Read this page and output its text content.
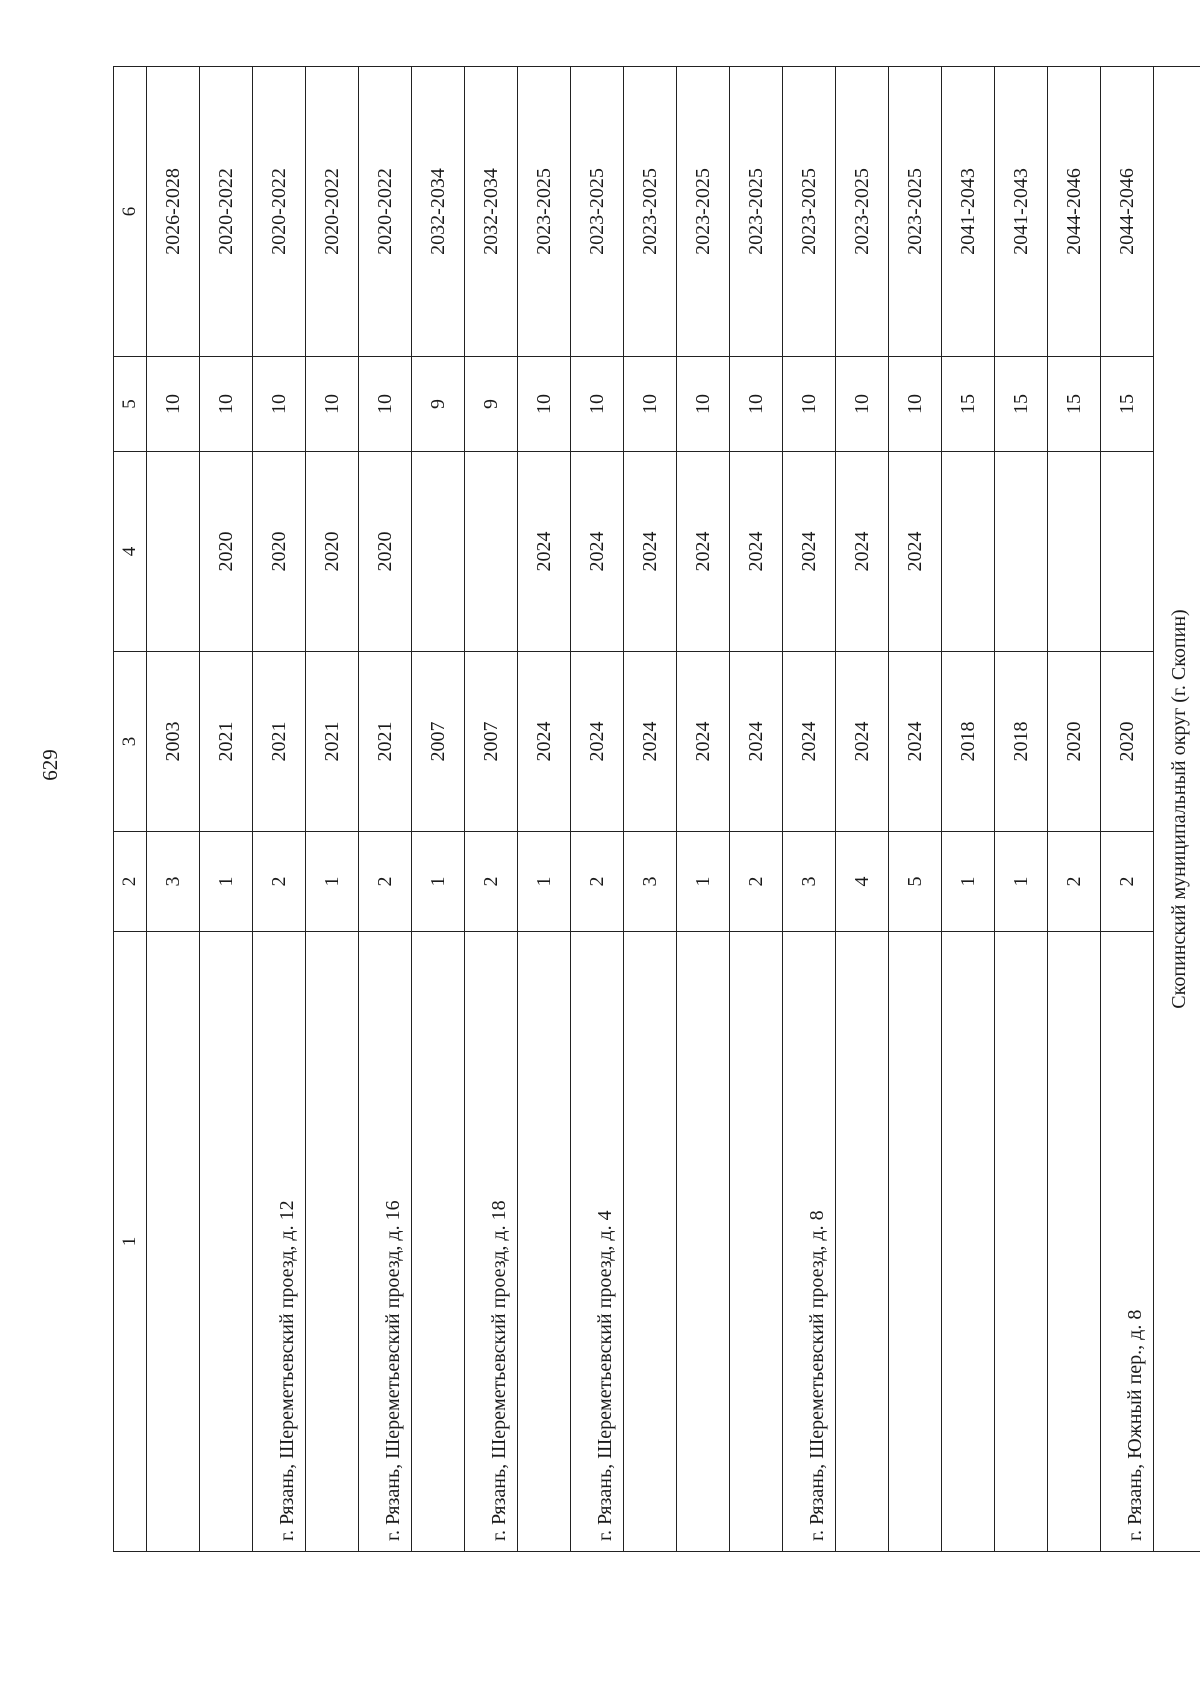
629
1	2	3	4	5	6
	3	2003		10	2026-2028
	1	2021	2020	10	2020-2022
г. Рязань, Шереметьевский проезд, д. 12	2	2021	2020	10	2020-2022
	1	2021	2020	10	2020-2022
г. Рязань, Шереметьевский проезд, д. 16	2	2021	2020	10	2020-2022
	1	2007		9	2032-2034
г. Рязань, Шереметьевский проезд, д. 18	2	2007		9	2032-2034
	1	2024	2024	10	2023-2025
г. Рязань, Шереметьевский проезд, д. 4	2	2024	2024	10	2023-2025
	3	2024	2024	10	2023-2025
	1	2024	2024	10	2023-2025
	2	2024	2024	10	2023-2025
г. Рязань, Шереметьевский проезд, д. 8	3	2024	2024	10	2023-2025
	4	2024	2024	10	2023-2025
	5	2024	2024	10	2023-2025
	1	2018		15	2041-2043
	1	2018		15	2041-2043
	2	2020		15	2044-2046
г. Рязань, Южный пер., д. 8	2	2020		15	2044-2046
Скопинский муниципальный округ (г. Скопин)					
